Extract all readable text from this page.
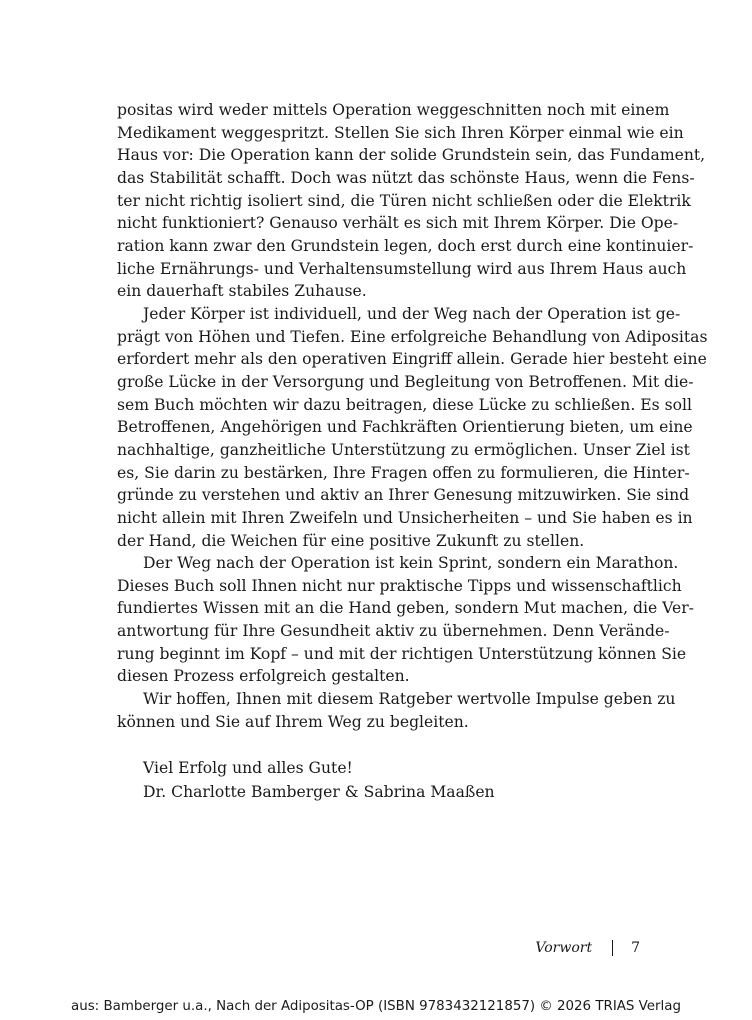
positas wird weder mittels Operation weggeschnitten noch mit einem
Medikament weggespritzt. Stellen Sie sich Ihren Körper einmal wie ein
Haus vor: Die Operation kann der solide Grundstein sein, das Fundament,
das Stabilität schafft. Doch was nützt das schönste Haus, wenn die Fens-
ter nicht richtig isoliert sind, die Türen nicht schließen oder die Elektrik
nicht funktioniert? Genauso verhält es sich mit Ihrem Körper. Die Ope-
ration kann zwar den Grundstein legen, doch erst durch eine kontinuier-
liche Ernährungs- und Verhaltensumstellung wird aus Ihrem Haus auch
ein dauerhaft stabiles Zuhause.
Jeder Körper ist individuell, und der Weg nach der Operation ist ge-
prägt von Höhen und Tiefen. Eine erfolgreiche Behandlung von Adipositas
erfordert mehr als den operativen Eingriff allein. Gerade hier besteht eine
große Lücke in der Versorgung und Begleitung von Betroffenen. Mit die-
sem Buch möchten wir dazu beitragen, diese Lücke zu schließen. Es soll
Betroffenen, Angehörigen und Fachkräften Orientierung bieten, um eine
nachhaltige, ganzheitliche Unterstützung zu ermöglichen. Unser Ziel ist
es, Sie darin zu bestärken, Ihre Fragen offen zu formulieren, die Hinter-
gründe zu verstehen und aktiv an Ihrer Genesung mitzuwirken. Sie sind
nicht allein mit Ihren Zweifeln und Unsicherheiten – und Sie haben es in
der Hand, die Weichen für eine positive Zukunft zu stellen.
Der Weg nach der Operation ist kein Sprint, sondern ein Marathon.
Dieses Buch soll Ihnen nicht nur praktische Tipps und wissenschaftlich
fundiertes Wissen mit an die Hand geben, sondern Mut machen, die Ver-
antwortung für Ihre Gesundheit aktiv zu übernehmen. Denn Verände-
rung beginnt im Kopf – und mit der richtigen Unterstützung können Sie
diesen Prozess erfolgreich gestalten.
Wir hoffen, Ihnen mit diesem Ratgeber wertvolle Impulse geben zu
können und Sie auf Ihrem Weg zu begleiten.
Viel Erfolg und alles Gute!
Dr. Charlotte Bamberger & Sabrina Maaßen
Vorwort	7
aus: Bamberger u.a., Nach der Adipositas-OP (ISBN 9783432121857) © 2026 TRIAS Verlag
